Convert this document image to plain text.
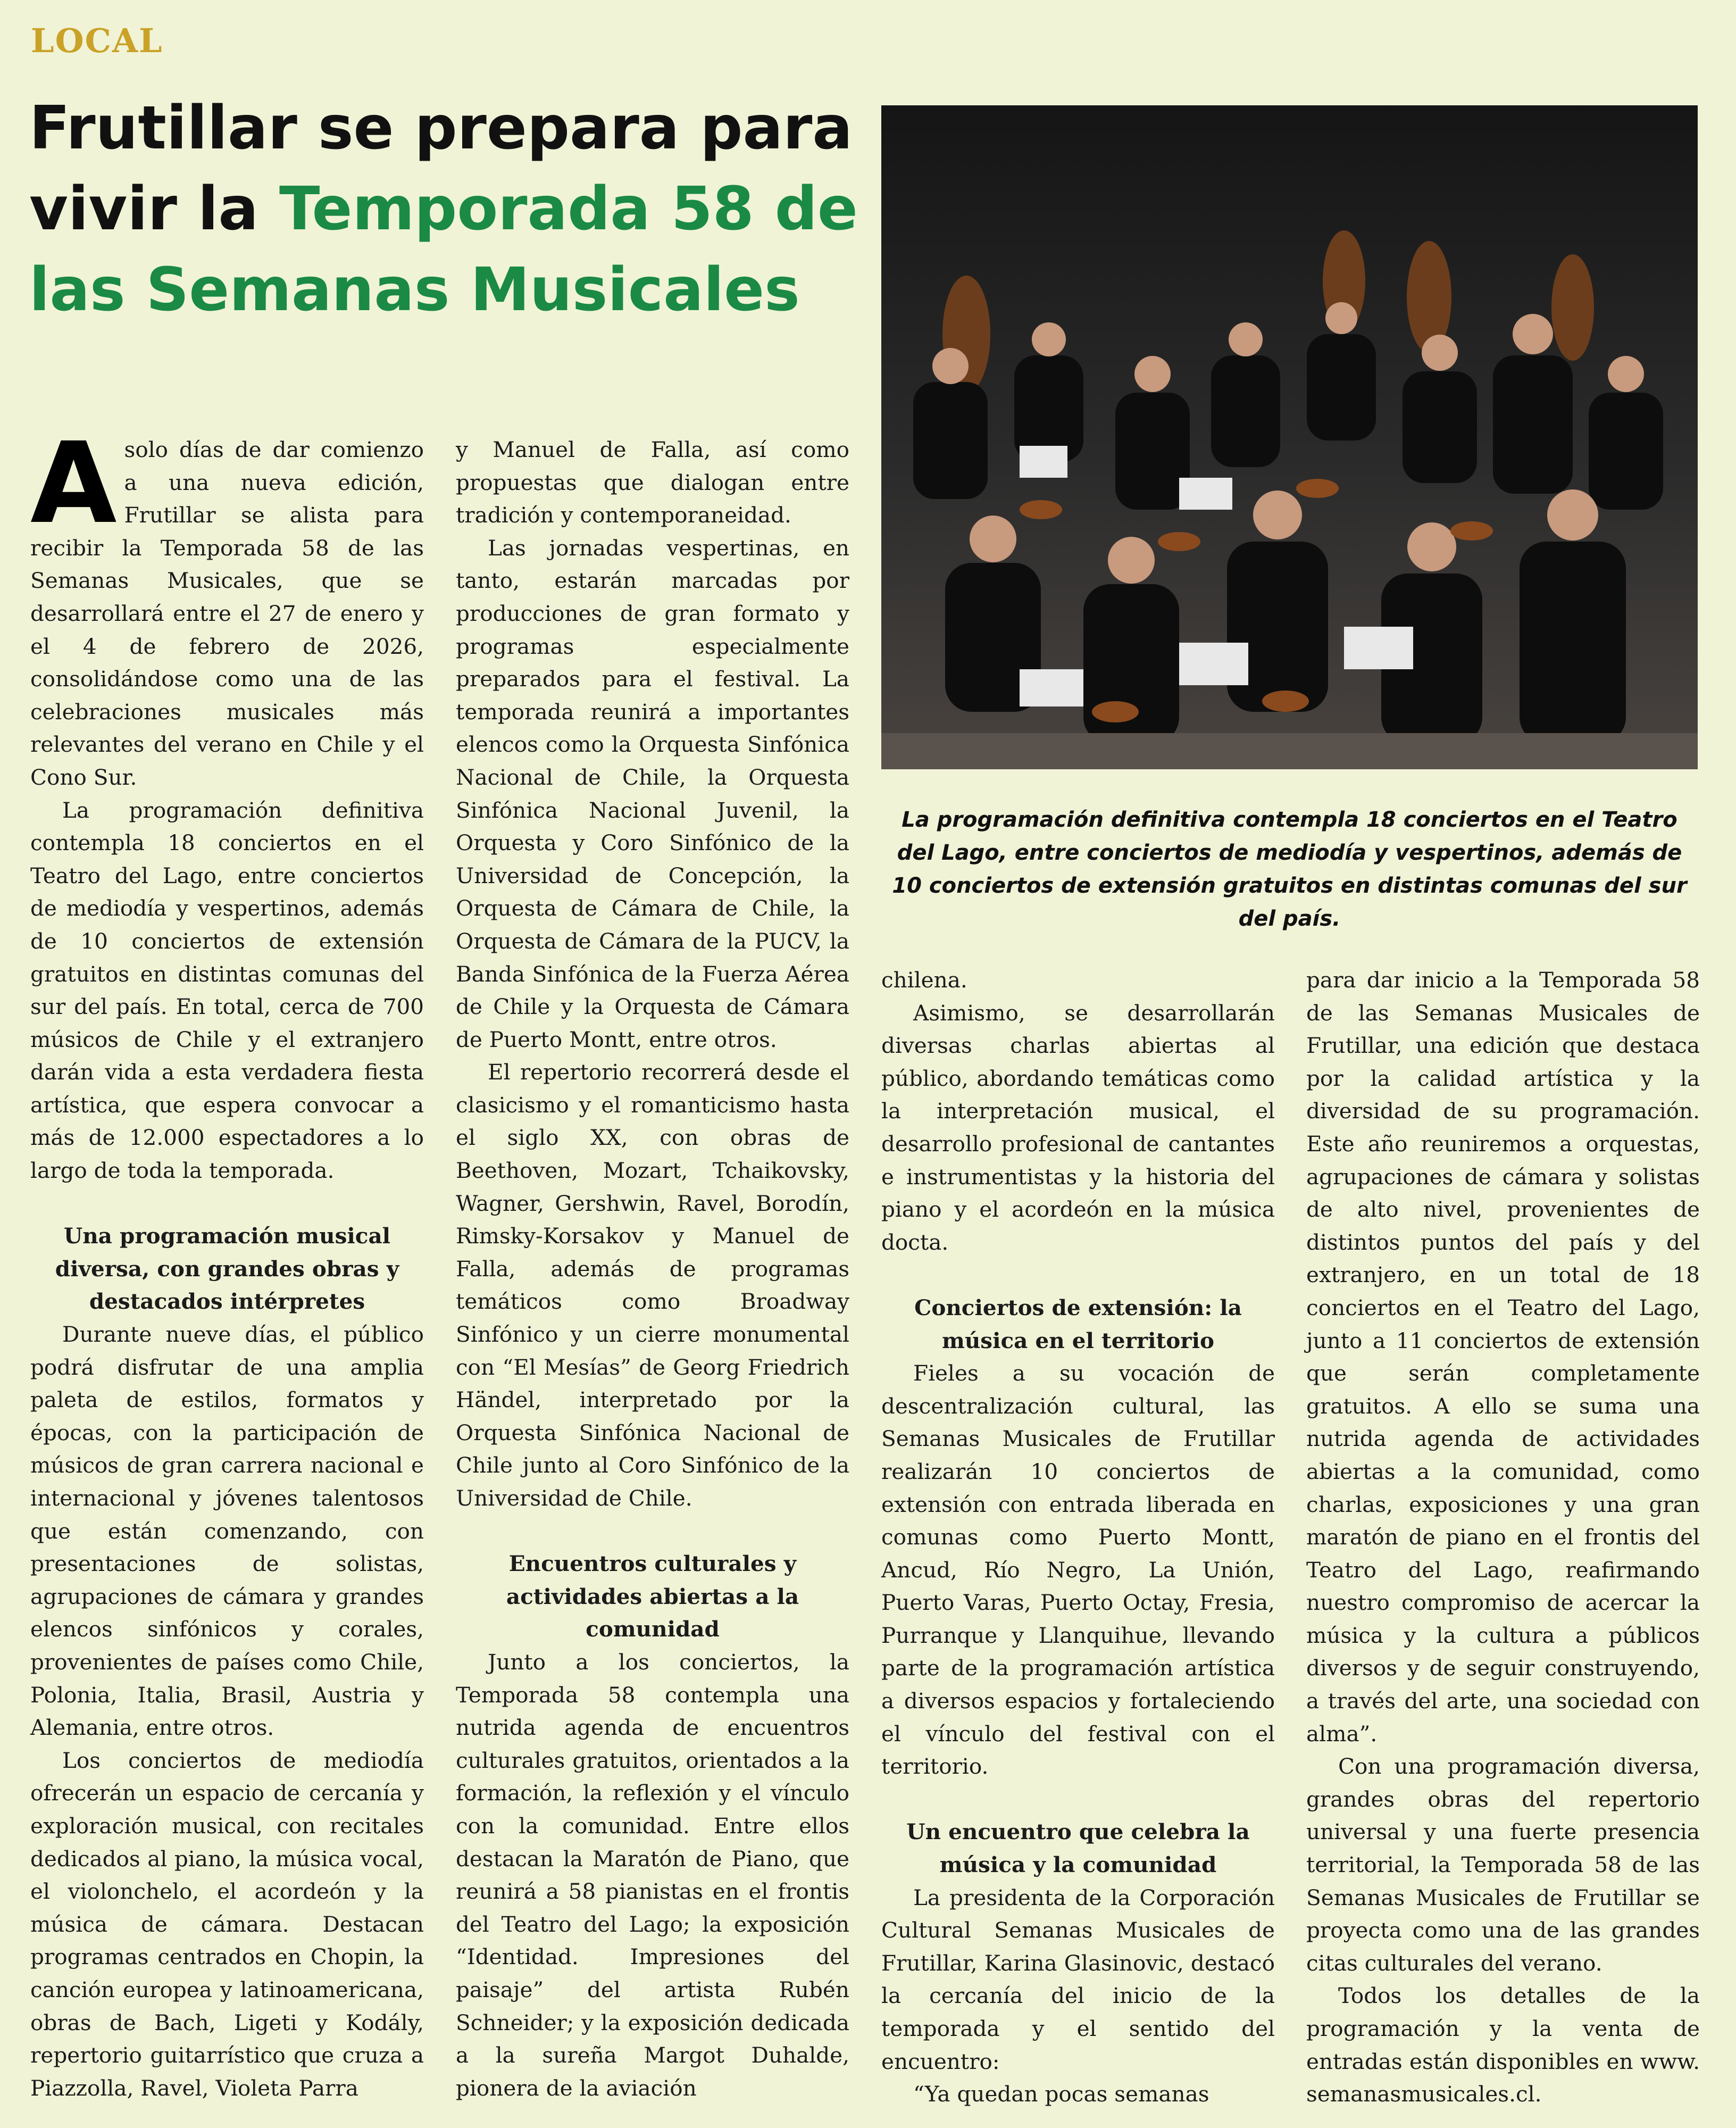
LOCAL
Frutillar se prepara para vivir la Temporada 58 de las Semanas Musicales

Asolo días de dar comienzo a una nueva edición, Frutillar se alista para recibir la Temporada 58 de las Semanas Musicales, que se desarrollará entre el 27 de enero y el 4 de febrero de 2026, consolidándose como una de las celebraciones musicales más relevantes del verano en Chile y el Cono Sur.

La programación definitiva contempla 18 conciertos en el Teatro del Lago, entre conciertos de mediodía y vespertinos, además de 10 conciertos de extensión gratuitos en distintas comunas del sur del país. En total, cerca de 700 músicos de Chile y el extranjero darán vida a esta verdadera fiesta artística, que espera convocar a más de 12.000 espectadores a lo largo de toda la temporada.

Una programación musical diversa, con grandes obras y destacados intérpretes

Durante nueve días, el público podrá disfrutar de una amplia paleta de estilos, formatos y épocas, con la participación de músicos de gran carrera nacional e internacional y jóvenes talentosos que están comenzando, con presentaciones de solistas, agrupaciones de cámara y grandes elencos sinfónicos y corales, provenientes de países como Chile, Polonia, Italia, Brasil, Austria y Alemania, entre otros.

Los conciertos de mediodía ofrecerán un espacio de cercanía y exploración musical, con recitales dedicados al piano, la música vocal, el violonchelo, el acordeón y la música de cámara. Destacan programas centrados en Chopin, la canción europea y latinoamericana, obras de Bach, Ligeti y Kodály, repertorio guitarrístico que cruza a Piazzolla, Ravel, Violeta Parra

y Manuel de Falla, así como propuestas que dialogan entre tradición y contemporaneidad.

Las jornadas vespertinas, en tanto, estarán marcadas por producciones de gran formato y programas especialmente preparados para el festival. La temporada reunirá a importantes elencos como la Orquesta Sinfónica Nacional de Chile, la Orquesta Sinfónica Nacional Juvenil, la Orquesta y Coro Sinfónico de la Universidad de Concepción, la Orquesta de Cámara de Chile, la Orquesta de Cámara de la PUCV, la Banda Sinfónica de la Fuerza Aérea de Chile y la Orquesta de Cámara de Puerto Montt, entre otros.

El repertorio recorrerá desde el clasicismo y el romanticismo hasta el siglo XX, con obras de Beethoven, Mozart, Tchaikovsky, Wagner, Gershwin, Ravel, Borodín, Rimsky-Korsakov y Manuel de Falla, además de programas temáticos como Broadway Sinfónico y un cierre monumental con “El Mesías” de Georg Friedrich Händel, interpretado por la Orquesta Sinfónica Nacional de Chile junto al Coro Sinfónico de la Universidad de Chile.

Encuentros culturales y actividades abiertas a la comunidad

Junto a los conciertos, la Temporada 58 contempla una nutrida agenda de encuentros culturales gratuitos, orientados a la formación, la reflexión y el vínculo con la comunidad. Entre ellos destacan la Maratón de Piano, que reunirá a 58 pianistas en el frontis del Teatro del Lago; la exposición “Identidad. Impresiones del paisaje” del artista Rubén Schneider; y la exposición dedicada a la sureña Margot Duhalde, pionera de la aviación

La programación definitiva contempla 18 conciertos en el Teatro del Lago, entre conciertos de mediodía y vespertinos, además de 10 conciertos de extensión gratuitos en distintas comunas del sur del país.

chilena.

Asimismo, se desarrollarán diversas charlas abiertas al público, abordando temáticas como la interpretación musical, el desarrollo profesional de cantantes e instrumentistas y la historia del piano y el acordeón en la música docta.

Conciertos de extensión: la música en el territorio

Fieles a su vocación de descentralización cultural, las Semanas Musicales de Frutillar realizarán 10 conciertos de extensión con entrada liberada en comunas como Puerto Montt, Ancud, Río Negro, La Unión, Puerto Varas, Puerto Octay, Fresia, Purranque y Llanquihue, llevando parte de la programación artística a diversos espacios y fortaleciendo el vínculo del festival con el territorio.

Un encuentro que celebra la música y la comunidad

La presidenta de la Corporación Cultural Semanas Musicales de Frutillar, Karina Glasinovic, destacó la cercanía del inicio de la temporada y el sentido del encuentro:

“Ya quedan pocas semanas

para dar inicio a la Temporada 58 de las Semanas Musicales de Frutillar, una edición que destaca por la calidad artística y la diversidad de su programación. Este año reuniremos a orquestas, agrupaciones de cámara y solistas de alto nivel, provenientes de distintos puntos del país y del extranjero, en un total de 18 conciertos en el Teatro del Lago, junto a 11 conciertos de extensión que serán completamente gratuitos. A ello se suma una nutrida agenda de actividades abiertas a la comunidad, como charlas, exposiciones y una gran maratón de piano en el frontis del Teatro del Lago, reafirmando nuestro compromiso de acercar la música y la cultura a públicos diversos y de seguir construyendo, a través del arte, una sociedad con alma”.

Con una programación diversa, grandes obras del repertorio universal y una fuerte presencia territorial, la Temporada 58 de las Semanas Musicales de Frutillar se proyecta como una de las grandes citas culturales del verano.

Todos los detalles de la programación y la venta de entradas están disponibles en www. semanasmusicales.cl.
